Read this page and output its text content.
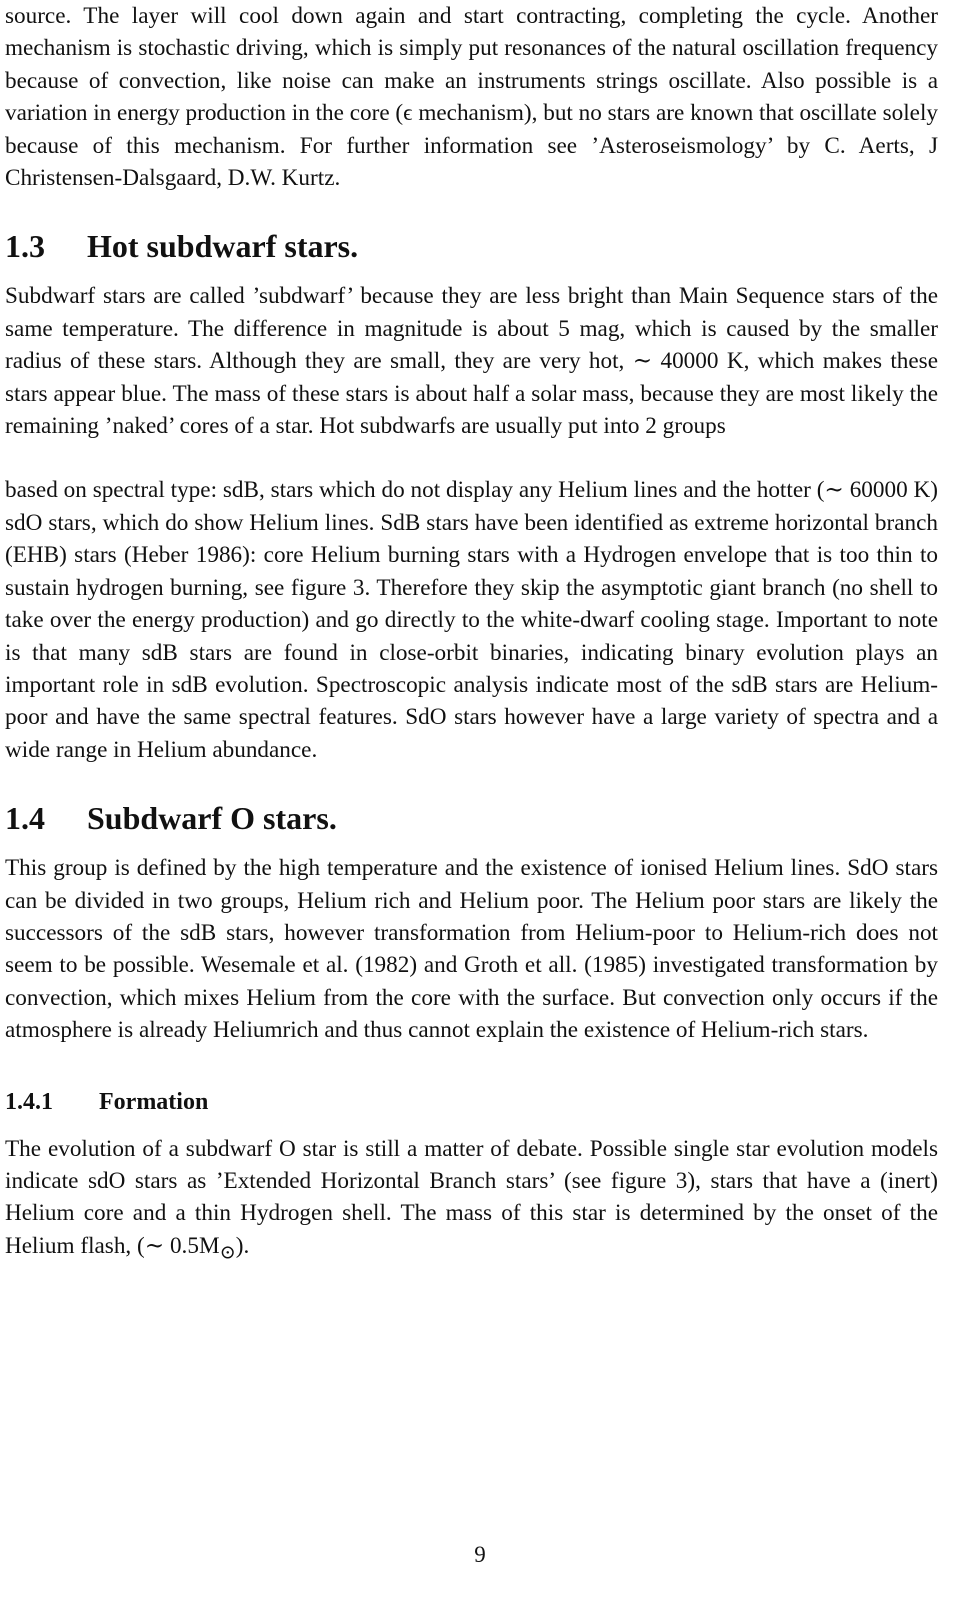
source. The layer will cool down again and start contracting, completing the cycle. Another mechanism is stochastic driving, which is simply put resonances of the natural oscillation frequency because of convection, like noise can make an instruments strings oscillate. Also possible is a variation in energy production in the core (ϵ mechanism), but no stars are known that oscillate solely because of this mechanism. For further information see ’Asteroseismology’ by C. Aerts, J Christensen-Dalsgaard, D.W. Kurtz.

1.3	Hot subdwarf stars.

Subdwarf stars are called ’subdwarf’ because they are less bright than Main Sequence stars of the same temperature. The difference in magnitude is about 5 mag, which is caused by the smaller radius of these stars. Although they are small, they are very hot, ∼ 40000 K, which makes these stars appear blue. The mass of these stars is about half a solar mass, because they are most likely the remaining ’naked’ cores of a star. Hot subdwarfs are usually put into 2 groups

based on spectral type: sdB, stars which do not display any Helium lines and the hotter (∼ 60000 K) sdO stars, which do show Helium lines. SdB stars have been identified as extreme horizontal branch (EHB) stars (Heber 1986): core Helium burning stars with a Hydrogen envelope that is too thin to sustain hydrogen burning, see figure 3. Therefore they skip the asymptotic giant branch (no shell to take over the energy production) and go directly to the white-dwarf cooling stage. Important to note is that many sdB stars are found in close-orbit binaries, indicating binary evolution plays an important role in sdB evolution. Spectroscopic analysis indicate most of the sdB stars are Helium-poor and have the same spectral features. SdO stars however have a large variety of spectra and a wide range in Helium abundance.

1.4	Subdwarf O stars.

This group is defined by the high temperature and the existence of ionised Helium lines. SdO stars can be divided in two groups, Helium rich and Helium poor. The Helium poor stars are likely the successors of the sdB stars, however transformation from Helium-poor to Helium-rich does not seem to be possible. Wesemale et al. (1982) and Groth et all. (1985) investigated transformation by convection, which mixes Helium from the core with the surface. But convection only occurs if the atmosphere is already Heliumrich and thus cannot explain the existence of Helium-rich stars.

1.4.1	Formation

The evolution of a subdwarf O star is still a matter of debate. Possible single star evolution models indicate sdO stars as ’Extended Horizontal Branch stars’ (see figure 3), stars that have a (inert) Helium core and a thin Hydrogen shell. The mass of this star is determined by the onset of the Helium flash, (∼ $0.5M_⊙$).

9
